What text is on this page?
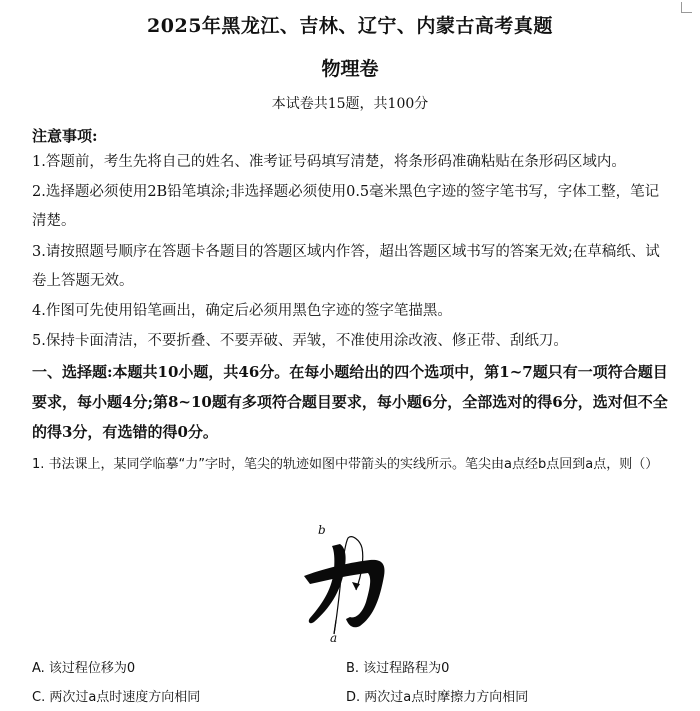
2025年黑龙江、吉林、辽宁、内蒙古高考真题
物理卷
本试卷共15题，共100分
注意事项:
1.答题前，考生先将自己的姓名、准考证号码填写清楚，将条形码准确粘贴在条形码区域内。
2.选择题必须使用2B铅笔填涂;非选择题必须使用0.5毫米黑色字迹的签字笔书写，字体工整，笔记清楚。
3.请按照题号顺序在答题卡各题目的答题区域内作答，超出答题区域书写的答案无效;在草稿纸、试卷上答题无效。
4.作图可先使用铅笔画出，确定后必须用黑色字迹的签字笔描黑。
5.保持卡面清洁，不要折叠、不要弄破、弄皱，不准使用涂改液、修正带、刮纸刀。
一、选择题:本题共10小题，共46分。在每小题给出的四个选项中，第1~7题只有一项符合题目要求，每小题4分;第8~10题有多项符合题目要求，每小题6分，全部选对的得6分，选对但不全的得3分，有选错的得0分。
1. 书法课上，某同学临摹“力”字时，笔尖的轨迹如图中带箭头的实线所示。笔尖由a点经b点回到a点，则（）
b
a
A. 该过程位移为0	B. 该过程路程为0
C. 两次过a点时速度方向相同	D. 两次过a点时摩擦力方向相同
